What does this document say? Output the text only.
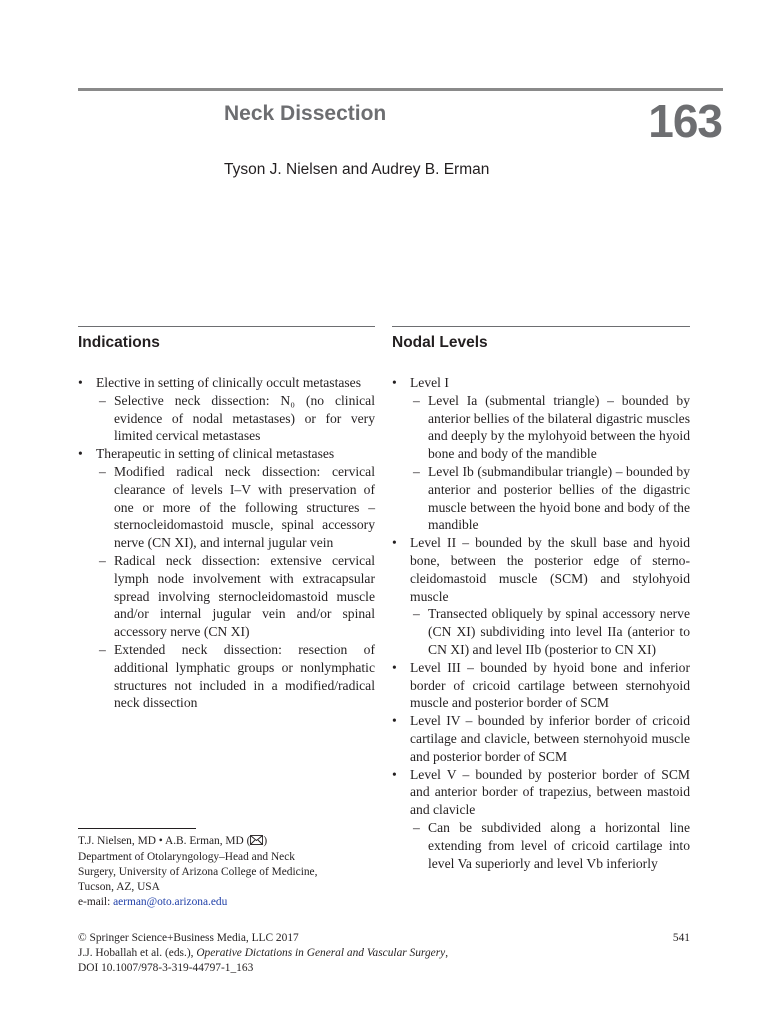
Neck Dissection	163
Tyson J. Nielsen and Audrey B. Erman
Indications
• Elective in setting of clinically occult metastases
– Selective neck dissection: N₀ (no clinical evidence of nodal metastases) or for very limited cervical metastases
• Therapeutic in setting of clinical metastases
– Modified radical neck dissection: cervical clearance of levels I–V with preservation of one or more of the following structures – sternocleidomastoid muscle, spinal accessory nerve (CN XI), and internal jugular vein
– Radical neck dissection: extensive cervical lymph node involvement with extracapsular spread involving sternocleidomastoid muscle and/or internal jugular vein and/or spinal accessory nerve (CN XI)
– Extended neck dissection: resection of additional lymphatic groups or nonlymphatic structures not included in a modified/radical neck dissection
Nodal Levels
• Level I
– Level Ia (submental triangle) – bounded by anterior bellies of the bilateral digastric muscles and deeply by the mylohyoid between the hyoid bone and body of the mandible
– Level Ib (submandibular triangle) – bounded by anterior and posterior bellies of the digastric muscle between the hyoid bone and body of the mandible
• Level II – bounded by the skull base and hyoid bone, between the posterior edge of sternocleidomastoid muscle (SCM) and stylohyoid muscle
– Transected obliquely by spinal accessory nerve (CN XI) subdividing into level IIa (anterior to CN XI) and level IIb (posterior to CN XI)
• Level III – bounded by hyoid bone and inferior border of cricoid cartilage between sternohyoid muscle and posterior border of SCM
• Level IV – bounded by inferior border of cricoid cartilage and clavicle, between sternohyoid muscle and posterior border of SCM
• Level V – bounded by posterior border of SCM and anterior border of trapezius, between mastoid and clavicle
– Can be subdivided along a horizontal line extending from level of cricoid cartilage into level Va superiorly and level Vb inferiorly
T.J. Nielsen, MD • A.B. Erman, MD ( )
Department of Otolaryngology–Head and Neck
Surgery, University of Arizona College of Medicine,
Tucson, AZ, USA
e-mail: aerman@oto.arizona.edu
© Springer Science+Business Media, LLC 2017
J.J. Hoballah et al. (eds.), Operative Dictations in General and Vascular Surgery,
DOI 10.1007/978-3-319-44797-1_163
541
